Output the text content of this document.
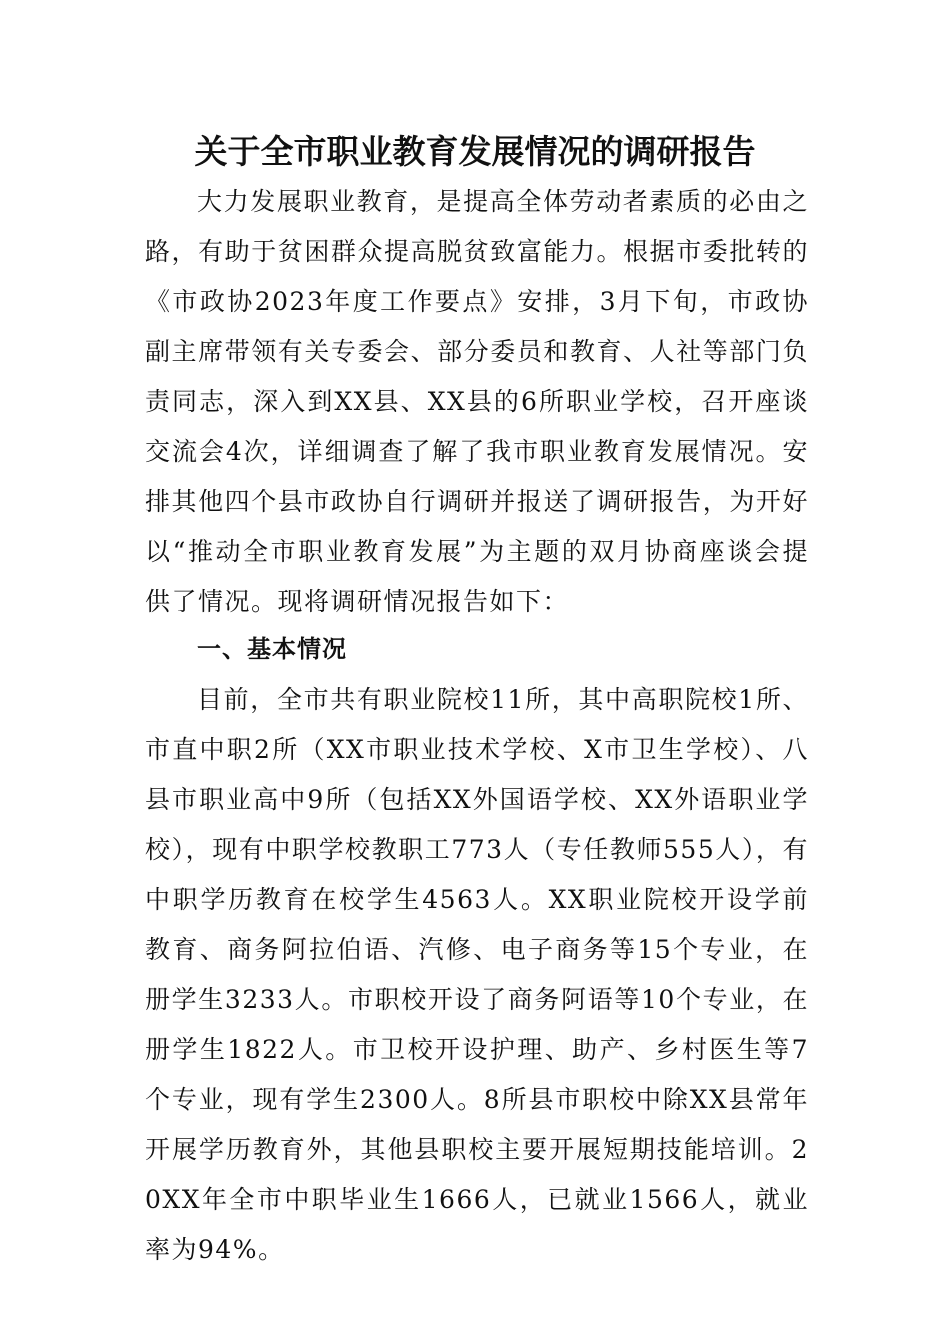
关于全市职业教育发展情况的调研报告

大力发展职业教育，是提高全体劳动者素质的必由之路，有助于贫困群众提高脱贫致富能力。根据市委批转的《市政协2023年度工作要点》安排，3月下旬，市政协副主席带领有关专委会、部分委员和教育、人社等部门负责同志，深入到XX县、XX县的6所职业学校，召开座谈交流会4次，详细调查了解了我市职业教育发展情况。安排其他四个县市政协自行调研并报送了调研报告，为开好以“推动全市职业教育发展”为主题的双月协商座谈会提供了情况。现将调研情况报告如下：

一、基本情况

目前，全市共有职业院校11所，其中高职院校1所、市直中职2所（XX市职业技术学校、X市卫生学校）、八县市职业高中9所（包括XX外国语学校、XX外语职业学校），现有中职学校教职工773人（专任教师555人），有中职学历教育在校学生4563人。XX职业院校开设学前教育、商务阿拉伯语、汽修、电子商务等15个专业，在册学生3233人。市职校开设了商务阿语等10个专业，在册学生1822人。市卫校开设护理、助产、乡村医生等7个专业，现有学生2300人。8所县市职校中除XX县常年开展学历教育外，其他县职校主要开展短期技能培训。20XX年全市中职毕业生1666人，已就业1566人，就业率为94%。
